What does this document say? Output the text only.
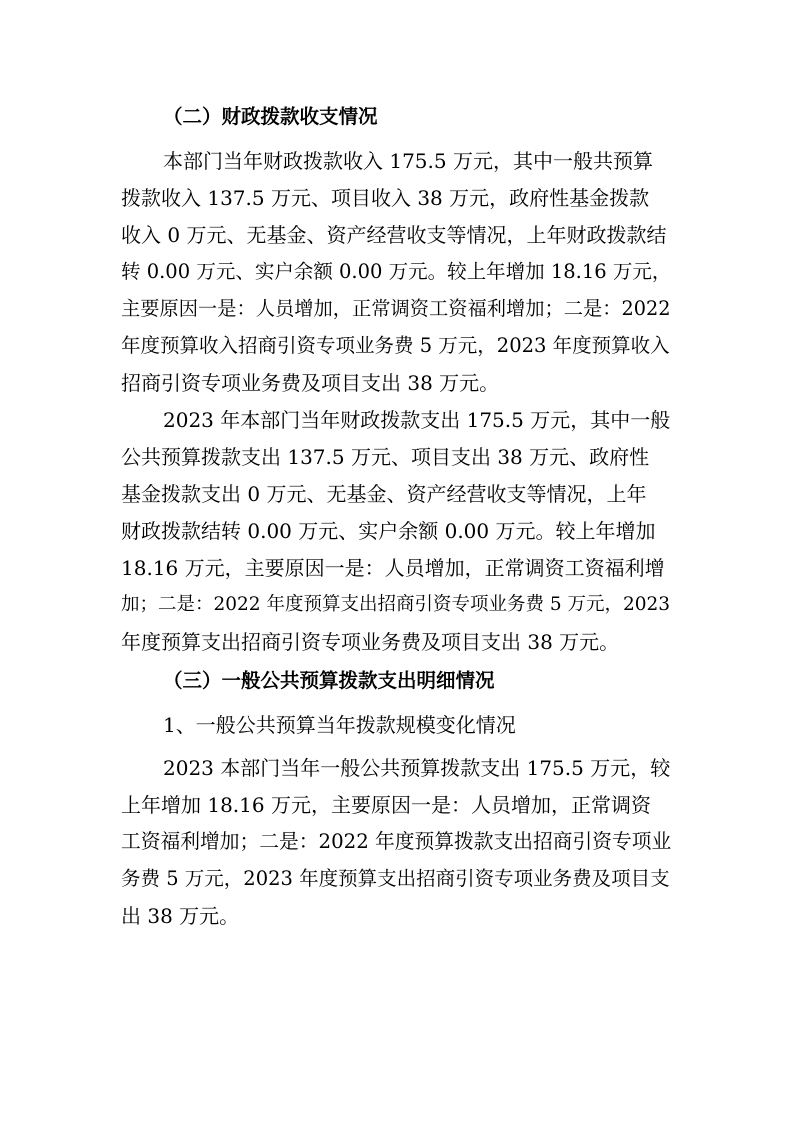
（二）财政拨款收支情况
本部门当年财政拨款收入 175.5 万元，其中一般共预算
拨款收入 137.5 万元、项目收入 38 万元，政府性基金拨款
收入 0 万元、无基金、资产经营收支等情况，上年财政拨款结
转 0.00 万元、实户余额 0.00 万元。较上年增加 18.16 万元，
主要原因一是：人员增加，正常调资工资福利增加；二是：2022
年度预算收入招商引资专项业务费 5 万元，2023 年度预算收入
招商引资专项业务费及项目支出 38 万元。
2023 年本部门当年财政拨款支出 175.5 万元，其中一般
公共预算拨款支出 137.5 万元、项目支出 38 万元、政府性
基金拨款支出 0 万元、无基金、资产经营收支等情况，上年
财政拨款结转 0.00 万元、实户余额 0.00 万元。较上年增加
18.16 万元，主要原因一是：人员增加，正常调资工资福利增
加；二是：2022 年度预算支出招商引资专项业务费 5 万元，2023
年度预算支出招商引资专项业务费及项目支出 38 万元。
（三）一般公共预算拨款支出明细情况
1、一般公共预算当年拨款规模变化情况
2023 本部门当年一般公共预算拨款支出 175.5 万元，较
上年增加 18.16 万元，主要原因一是：人员增加，正常调资
工资福利增加；二是：2022 年度预算拨款支出招商引资专项业
务费 5 万元，2023 年度预算支出招商引资专项业务费及项目支
出 38 万元。
